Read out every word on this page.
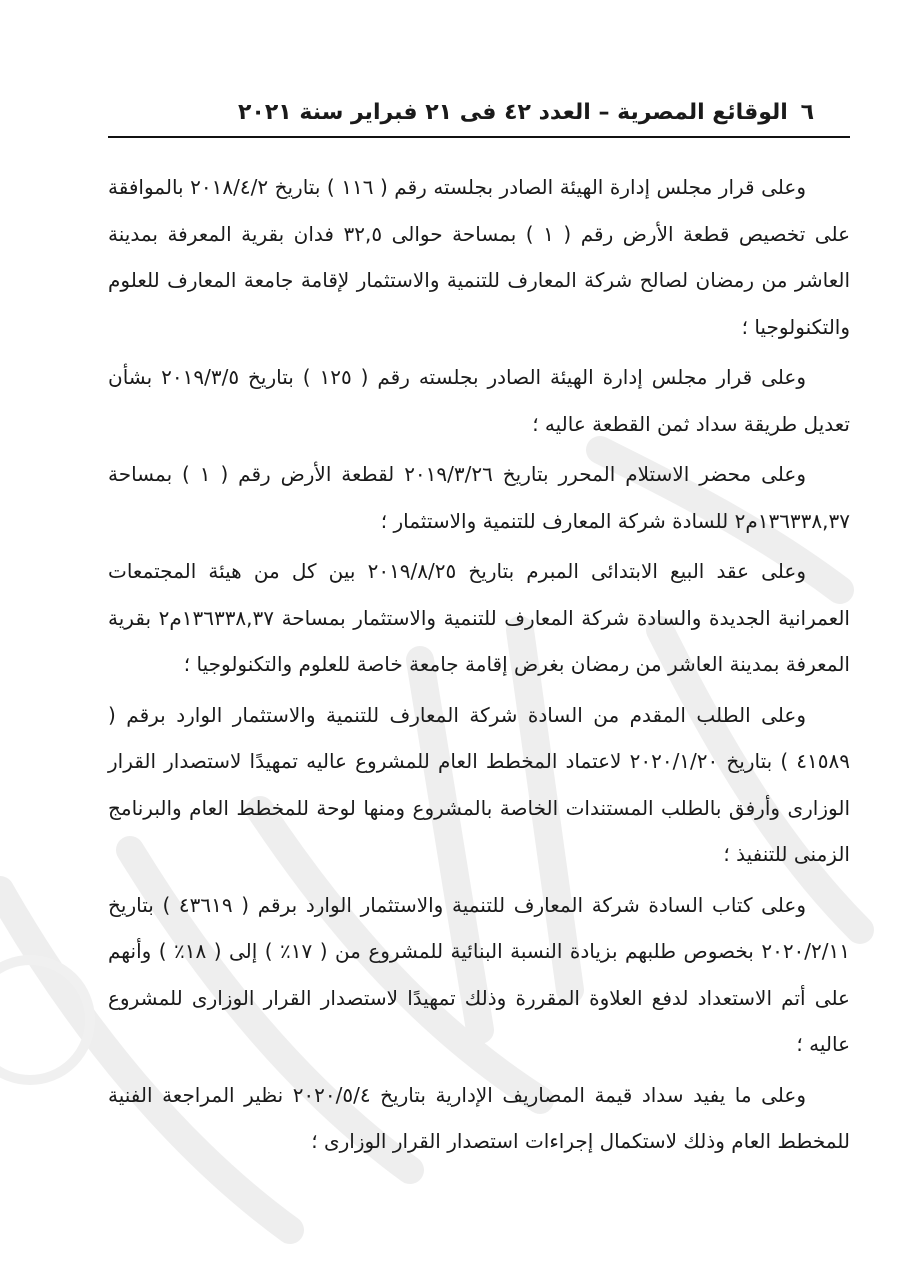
٦
الوقائع المصرية – العدد ٤٢ فى ٢١ فبراير سنة ٢٠٢١

وعلى قرار مجلس إدارة الهيئة الصادر بجلسته رقم ( ١١٦ ) بتاريخ ٢٠١٨/٤/٢ بالموافقة على تخصيص قطعة الأرض رقم ( ١ ) بمساحة حوالى ٣٢,٥ فدان بقرية المعرفة بمدينة العاشر من رمضان لصالح شركة المعارف للتنمية والاستثمار لإقامة جامعة المعارف للعلوم والتكنولوجيا ؛

وعلى قرار مجلس إدارة الهيئة الصادر بجلسته رقم ( ١٢٥ ) بتاريخ ٢٠١٩/٣/٥ بشأن تعديل طريقة سداد ثمن القطعة عاليه ؛

وعلى محضر الاستلام المحرر بتاريخ ٢٠١٩/٣/٢٦ لقطعة الأرض رقم ( ١ ) بمساحة ١٣٦٣٣٨,٣٧م٢ للسادة شركة المعارف للتنمية والاستثمار ؛

وعلى عقد البيع الابتدائى المبرم بتاريخ ٢٠١٩/٨/٢٥ بين كل من هيئة المجتمعات العمرانية الجديدة والسادة شركة المعارف للتنمية والاستثمار بمساحة ١٣٦٣٣٨,٣٧م٢ بقرية المعرفة بمدينة العاشر من رمضان بغرض إقامة جامعة خاصة للعلوم والتكنولوجيا ؛

وعلى الطلب المقدم من السادة شركة المعارف للتنمية والاستثمار الوارد برقم ( ٤١٥٨٩ ) بتاريخ ٢٠٢٠/١/٢٠ لاعتماد المخطط العام للمشروع عاليه تمهيدًا لاستصدار القرار الوزارى وأرفق بالطلب المستندات الخاصة بالمشروع ومنها لوحة للمخطط العام والبرنامج الزمنى للتنفيذ ؛

وعلى كتاب السادة شركة المعارف للتنمية والاستثمار الوارد برقم ( ٤٣٦١٩ ) بتاريخ ٢٠٢٠/٢/١١ بخصوص طلبهم بزيادة النسبة البنائية للمشروع من ( ١٧٪ ) إلى ( ١٨٪ ) وأنهم على أتم الاستعداد لدفع العلاوة المقررة وذلك تمهيدًا لاستصدار القرار الوزارى للمشروع عاليه ؛

وعلى ما يفيد سداد قيمة المصاريف الإدارية بتاريخ ٢٠٢٠/٥/٤ نظير المراجعة الفنية للمخطط العام وذلك لاستكمال إجراءات استصدار القرار الوزارى ؛
